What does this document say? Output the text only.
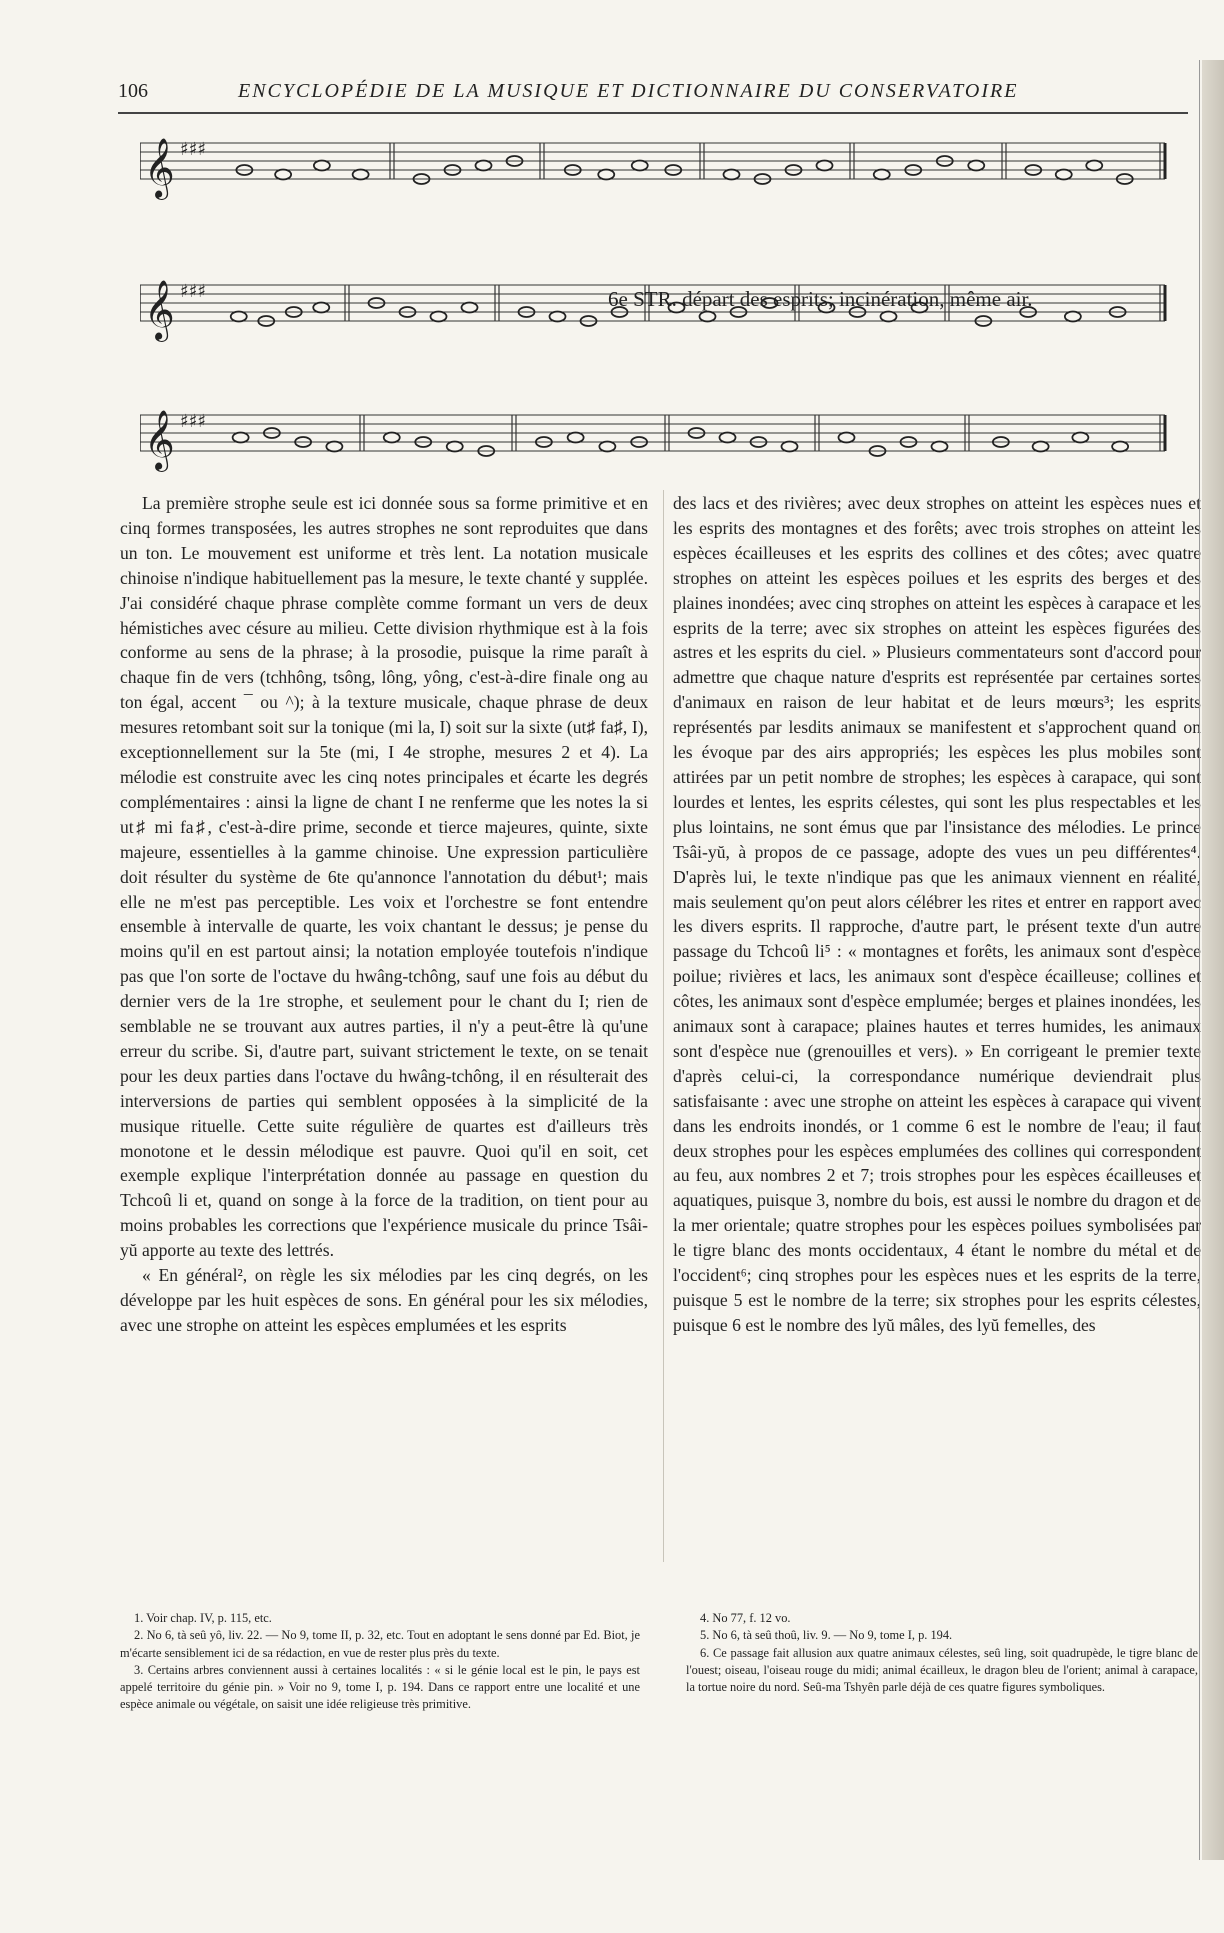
106	ENCYCLOPÉDIE DE LA MUSIQUE ET DICTIONNAIRE DU CONSERVATOIRE
𝄞 ♯♯♯
𝄞 ♯♯♯
𝄞 ♯♯♯
6e STR. départ des esprits; incinération, même air.

La première strophe seule est ici donnée sous sa forme primitive et en cinq formes transposées, les autres strophes ne sont reproduites que dans un ton. Le mouvement est uniforme et très lent. La notation musicale chinoise n'indique habituellement pas la mesure, le texte chanté y supplée. J'ai considéré chaque phrase complète comme formant un vers de deux hémistiches avec césure au milieu. Cette division rhythmique est à la fois conforme au sens de la phrase; à la prosodie, puisque la rime paraît à chaque fin de vers (tchhông, tsông, lông, yông, c'est-à-dire finale ong au ton égal, accent ¯ ou ^); à la texture musicale, chaque phrase de deux mesures retombant soit sur la tonique (mi la, I) soit sur la sixte (ut♯ fa♯, I), exceptionnellement sur la 5te (mi, I 4e strophe, mesures 2 et 4). La mélodie est construite avec les cinq notes principales et écarte les degrés complémentaires : ainsi la ligne de chant I ne renferme que les notes la si ut♯ mi fa♯, c'est-à-dire prime, seconde et tierce majeures, quinte, sixte majeure, essentielles à la gamme chinoise. Une expression particulière doit résulter du système de 6te qu'annonce l'annotation du début¹; mais elle ne m'est pas perceptible. Les voix et l'orchestre se font entendre ensemble à intervalle de quarte, les voix chantant le dessus; je pense du moins qu'il en est partout ainsi; la notation employée toutefois n'indique pas que l'on sorte de l'octave du hwâng-tchông, sauf une fois au début du dernier vers de la 1re strophe, et seulement pour le chant du I; rien de semblable ne se trouvant aux autres parties, il n'y a peut-être là qu'une erreur du scribe. Si, d'autre part, suivant strictement le texte, on se tenait pour les deux parties dans l'octave du hwâng-tchông, il en résulterait des interversions de parties qui semblent opposées à la simplicité de la musique rituelle. Cette suite régulière de quartes est d'ailleurs très monotone et le dessin mélodique est pauvre. Quoi qu'il en soit, cet exemple explique l'interprétation donnée au passage en question du Tchcoû li et, quand on songe à la force de la tradition, on tient pour au moins probables les corrections que l'expérience musicale du prince Tsâi-yŭ apporte au texte des lettrés.

« En général², on règle les six mélodies par les cinq degrés, on les développe par les huit espèces de sons. En général pour les six mélodies, avec une strophe on atteint les espèces emplumées et les esprits

des lacs et des rivières; avec deux strophes on atteint les espèces nues et les esprits des montagnes et des forêts; avec trois strophes on atteint les espèces écailleuses et les esprits des collines et des côtes; avec quatre strophes on atteint les espèces poilues et les esprits des berges et des plaines inondées; avec cinq strophes on atteint les espèces à carapace et les esprits de la terre; avec six strophes on atteint les espèces figurées des astres et les esprits du ciel. » Plusieurs commentateurs sont d'accord pour admettre que chaque nature d'esprits est représentée par certaines sortes d'animaux en raison de leur habitat et de leurs mœurs³; les esprits représentés par lesdits animaux se manifestent et s'approchent quand on les évoque par des airs appropriés; les espèces les plus mobiles sont attirées par un petit nombre de strophes; les espèces à carapace, qui sont lourdes et lentes, les esprits célestes, qui sont les plus respectables et les plus lointains, ne sont émus que par l'insistance des mélodies. Le prince Tsâi-yŭ, à propos de ce passage, adopte des vues un peu différentes⁴. D'après lui, le texte n'indique pas que les animaux viennent en réalité, mais seulement qu'on peut alors célébrer les rites et entrer en rapport avec les divers esprits. Il rapproche, d'autre part, le présent texte d'un autre passage du Tchcoû li⁵ : « montagnes et forêts, les animaux sont d'espèce poilue; rivières et lacs, les animaux sont d'espèce écailleuse; collines et côtes, les animaux sont d'espèce emplumée; berges et plaines inondées, les animaux sont à carapace; plaines hautes et terres humides, les animaux sont d'espèce nue (grenouilles et vers). » En corrigeant le premier texte d'après celui-ci, la correspondance numérique deviendrait plus satisfaisante : avec une strophe on atteint les espèces à carapace qui vivent dans les endroits inondés, or 1 comme 6 est le nombre de l'eau; il faut deux strophes pour les espèces emplumées des collines qui correspondent au feu, aux nombres 2 et 7; trois strophes pour les espèces écailleuses et aquatiques, puisque 3, nombre du bois, est aussi le nombre du dragon et de la mer orientale; quatre strophes pour les espèces poilues symbolisées par le tigre blanc des monts occidentaux, 4 étant le nombre du métal et de l'occident⁶; cinq strophes pour les espèces nues et les esprits de la terre, puisque 5 est le nombre de la terre; six strophes pour les esprits célestes, puisque 6 est le nombre des lyŭ mâles, des lyŭ femelles, des

1. Voir chap. IV, p. 115, etc.

2. No 6, tà seû yô, liv. 22. — No 9, tome II, p. 32, etc. Tout en adoptant le sens donné par Ed. Biot, je m'écarte sensiblement ici de sa rédaction, en vue de rester plus près du texte.

3. Certains arbres conviennent aussi à certaines localités : « si le génie local est le pin, le pays est appelé territoire du génie pin. » Voir no 9, tome I, p. 194. Dans ce rapport entre une localité et une espèce animale ou végétale, on saisit une idée religieuse très primitive.

4. No 77, f. 12 vo.

5. No 6, tà seû thoû, liv. 9. — No 9, tome I, p. 194.

6. Ce passage fait allusion aux quatre animaux célestes, seû ling, soit quadrupède, le tigre blanc de l'ouest; oiseau, l'oiseau rouge du midi; animal écailleux, le dragon bleu de l'orient; animal à carapace, la tortue noire du nord. Seû-ma Tshyên parle déjà de ces quatre figures symboliques.
